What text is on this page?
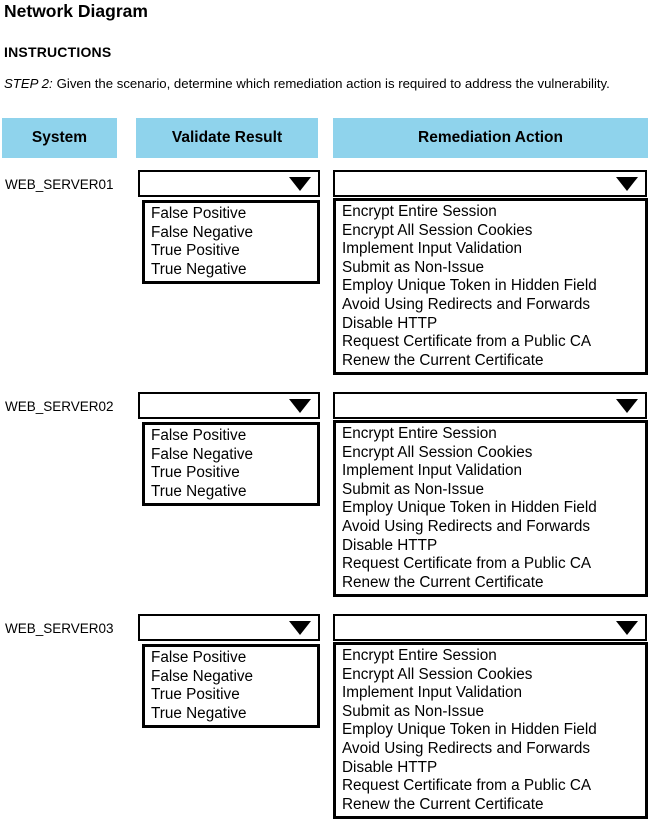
Network Diagram
INSTRUCTIONS

STEP 2: Given the scenario, determine which remediation action is required to address the vulnerability.

System	Validate Result	Remediation Action
WEB_SERVER01
False Positive
False Negative
True Positive
True Negative
Encrypt Entire Session
Encrypt All Session Cookies
Implement Input Validation
Submit as Non-Issue
Employ Unique Token in Hidden Field
Avoid Using Redirects and Forwards
Disable HTTP
Request Certificate from a Public CA
Renew the Current Certificate
WEB_SERVER02
False Positive
False Negative
True Positive
True Negative
Encrypt Entire Session
Encrypt All Session Cookies
Implement Input Validation
Submit as Non-Issue
Employ Unique Token in Hidden Field
Avoid Using Redirects and Forwards
Disable HTTP
Request Certificate from a Public CA
Renew the Current Certificate
WEB_SERVER03
False Positive
False Negative
True Positive
True Negative
Encrypt Entire Session
Encrypt All Session Cookies
Implement Input Validation
Submit as Non-Issue
Employ Unique Token in Hidden Field
Avoid Using Redirects and Forwards
Disable HTTP
Request Certificate from a Public CA
Renew the Current Certificate
